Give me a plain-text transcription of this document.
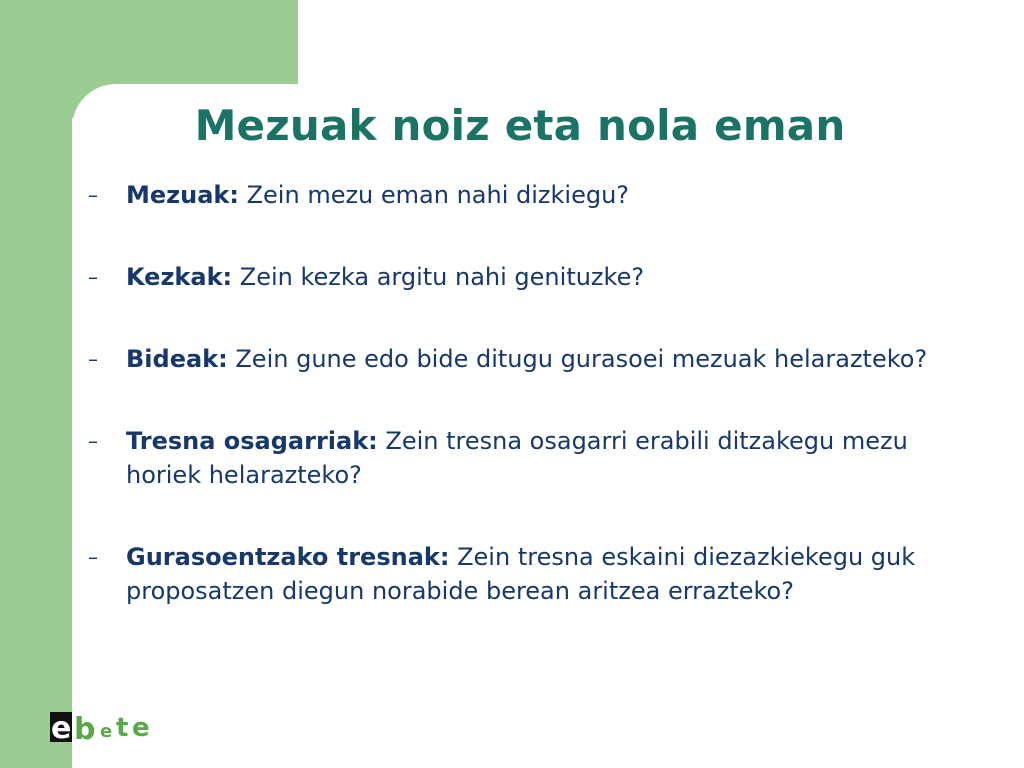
Mezuak noiz eta nola eman
–	Mezuak: Zein mezu eman nahi dizkiegu?
–	Kezkak: Zein kezka argitu nahi genituzke?
–	Bideak: Zein gune edo bide ditugu gurasoei mezuak helarazteko?
–	Tresna osagarriak: Zein tresna osagarri erabili ditzakegu mezu horiek helarazteko?
–	Gurasoentzako tresnak: Zein tresna eskaini diezazkiekegu guk proposatzen diegun norabide berean aritzea errazteko?
e b e t e
